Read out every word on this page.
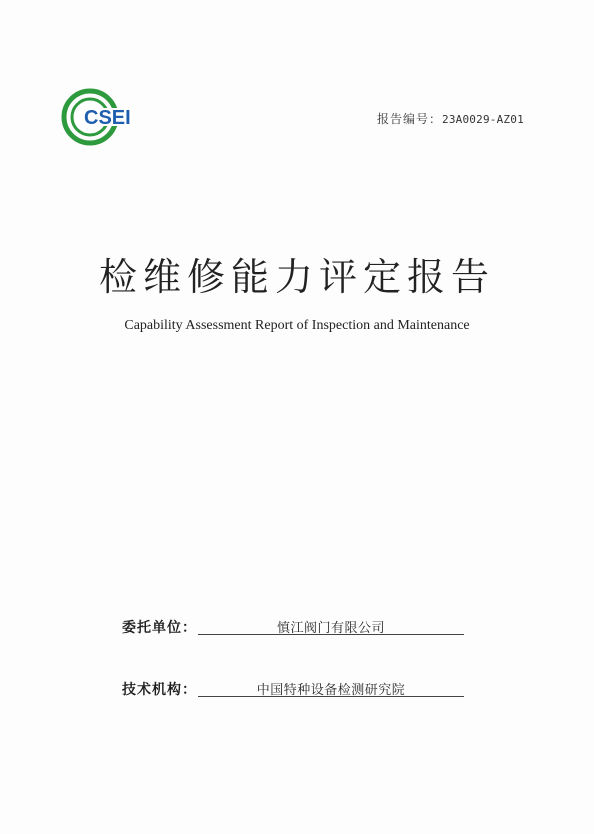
CSEI	报告编号：23A0029-AZ01
检维修能力评定报告
Capability Assessment Report of Inspection and Maintenance
委托单位：	慎江阀门有限公司
技术机构：	中国特种设备检测研究院
